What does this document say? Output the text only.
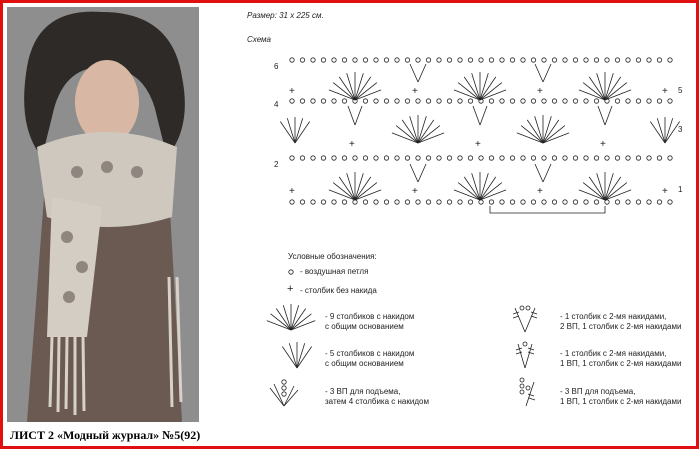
ЛИСТ 2 «Модный журнал» №5(92)
Размер: 31 х 225 см.
Схема
6
4
2
5
3
1
+	+	+	+
+	+	+
+	+	+	+
Условные обозначения:
+
- воздушная петля
- столбик без накида
- 9 столбиков с накидом
с общим основанием
- 5 столбиков с накидом
с общим основанием
- 3 ВП для подъема,
затем 4 столбика с накидом
- 1 столбик с 2-мя накидами,
2 ВП, 1 столбик с 2-мя накидами
- 1 столбик с 2-мя накидами,
1 ВП, 1 столбик с 2-мя накидами
- 3 ВП для подъема,
1 ВП, 1 столбик с 2-мя накидами
